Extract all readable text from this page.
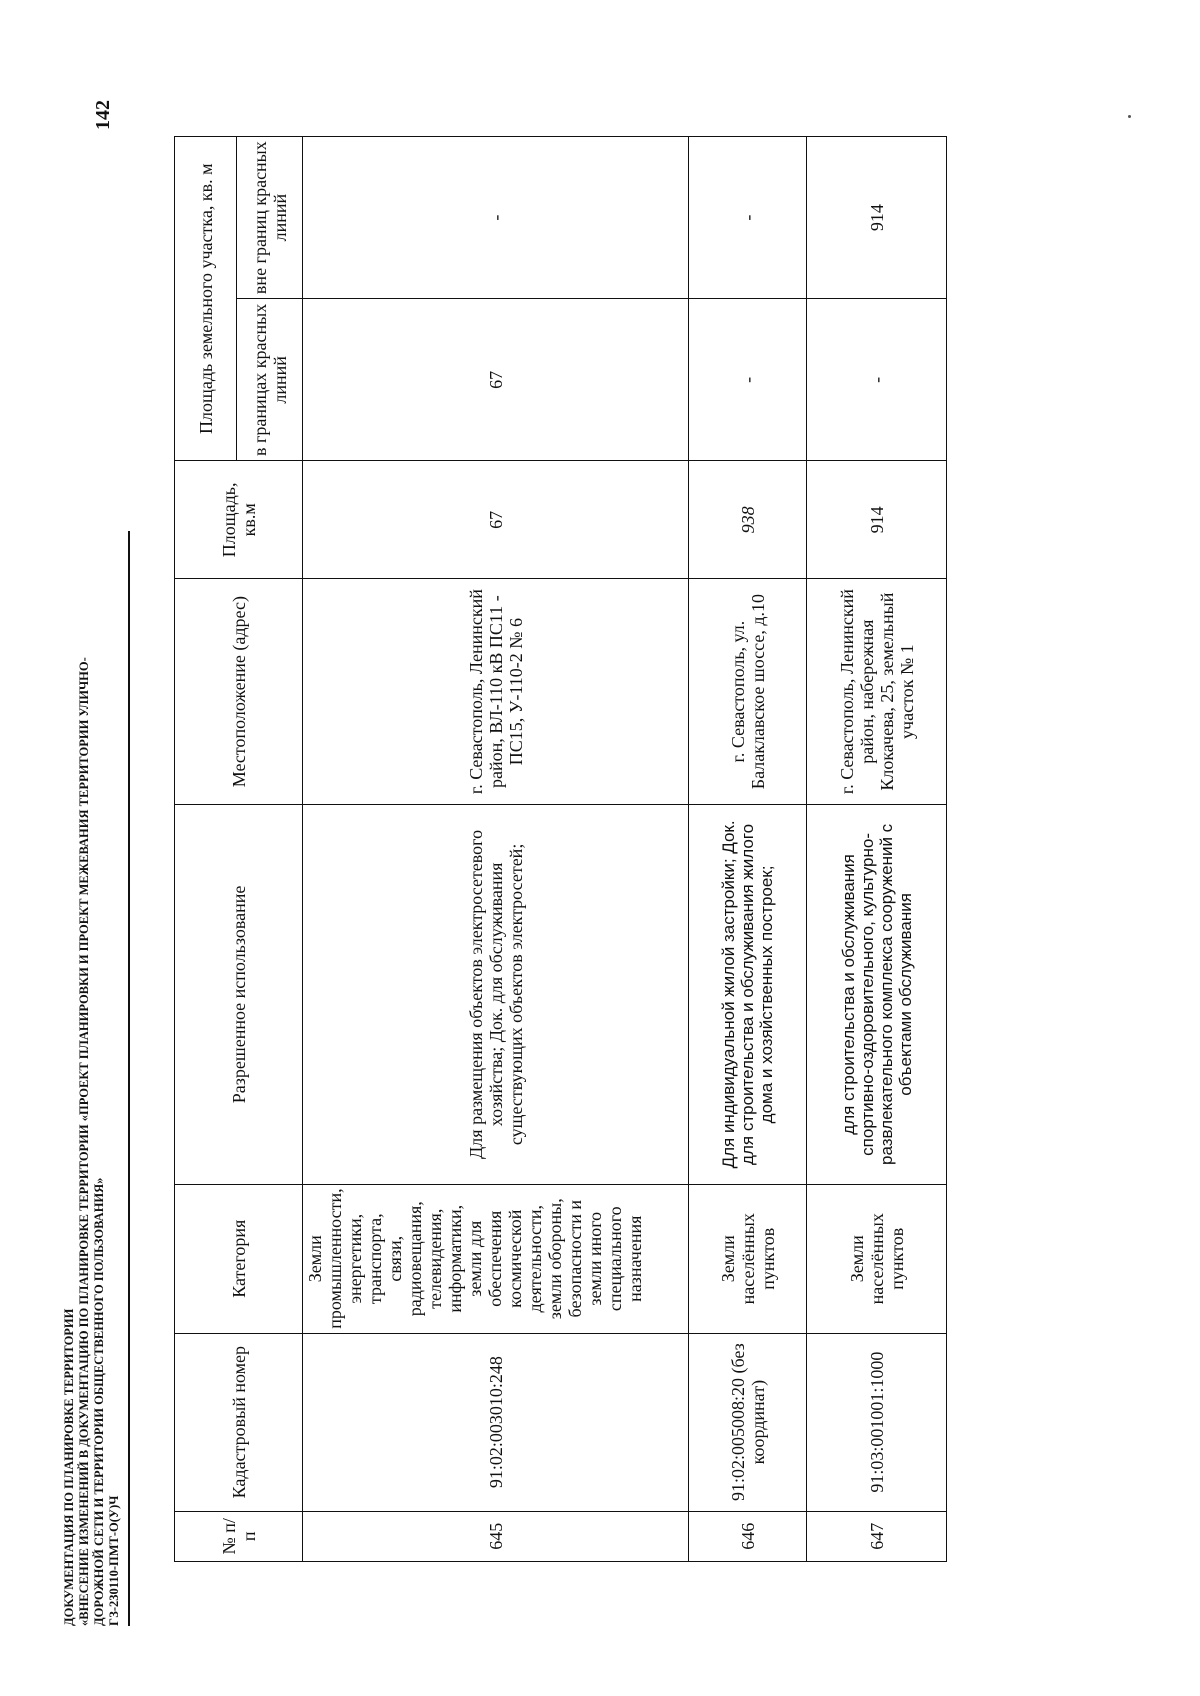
ДОКУМЕНТАЦИЯ ПО ПЛАНИРОВКЕ ТЕРРИТОРИИ «ВНЕСЕНИЕ ИЗМЕНЕНИЙ В ДОКУМЕНТАЦИЮ ПО ПЛАНИРОВКЕ ТЕРРИТОРИИ «ПРОЕКТ ПЛАНИРОВКИ И ПРОЕКТ МЕЖЕВАНИЯ ТЕРРИТОРИИ УЛИЧНО- ДОРОЖНОЙ СЕТИ И ТЕРРИТОРИИ ОБЩЕСТВЕННОГО ПОЛЬЗОВАНИЯ» ГЗ-230110-ПМТ-О(У)Ч
142
№ п/п	Кадастровый номер	Категория	Разрешенное использование	Местоположение (адрес)	Площадь, кв.м	Площадь земельного участка, кв. м	
						в границах красных линий	вне границ красных линий
645	91:02:003010:248	Земли промышленности, энергетики, транспорта, связи, радиовещания, телевидения, информатики, земли для обеспечения космической деятельности, земли обороны, безопасности и земли иного специального назначения	Для размещения объектов электросетевого хозяйства; Док. для обслуживания существующих объектов электросетей;	г. Севастополь, Ленинский район, ВЛ-110 кВ ПС11 - ПС15, У-110-2 № 6	67	67	-
646	91:02:005008:20 (без координат)	Земли населённых пунктов	Для индивидуальной жилой застройки; Док. для строительства и обслуживания жилого дома и хозяйственных построек;	г. Севастополь, ул. Балаклавское шоссе, д.10	938	-	-
647	91:03:001001:1000	Земли населённых пунктов	для строительства и обслуживания спортивно-оздоровительного, культурно-развлекательного комплекса сооружений с объектами обслуживания	г. Севастополь, Ленинский район, набережная Клокачева, 25, земельный участок № 1	914	-	914
